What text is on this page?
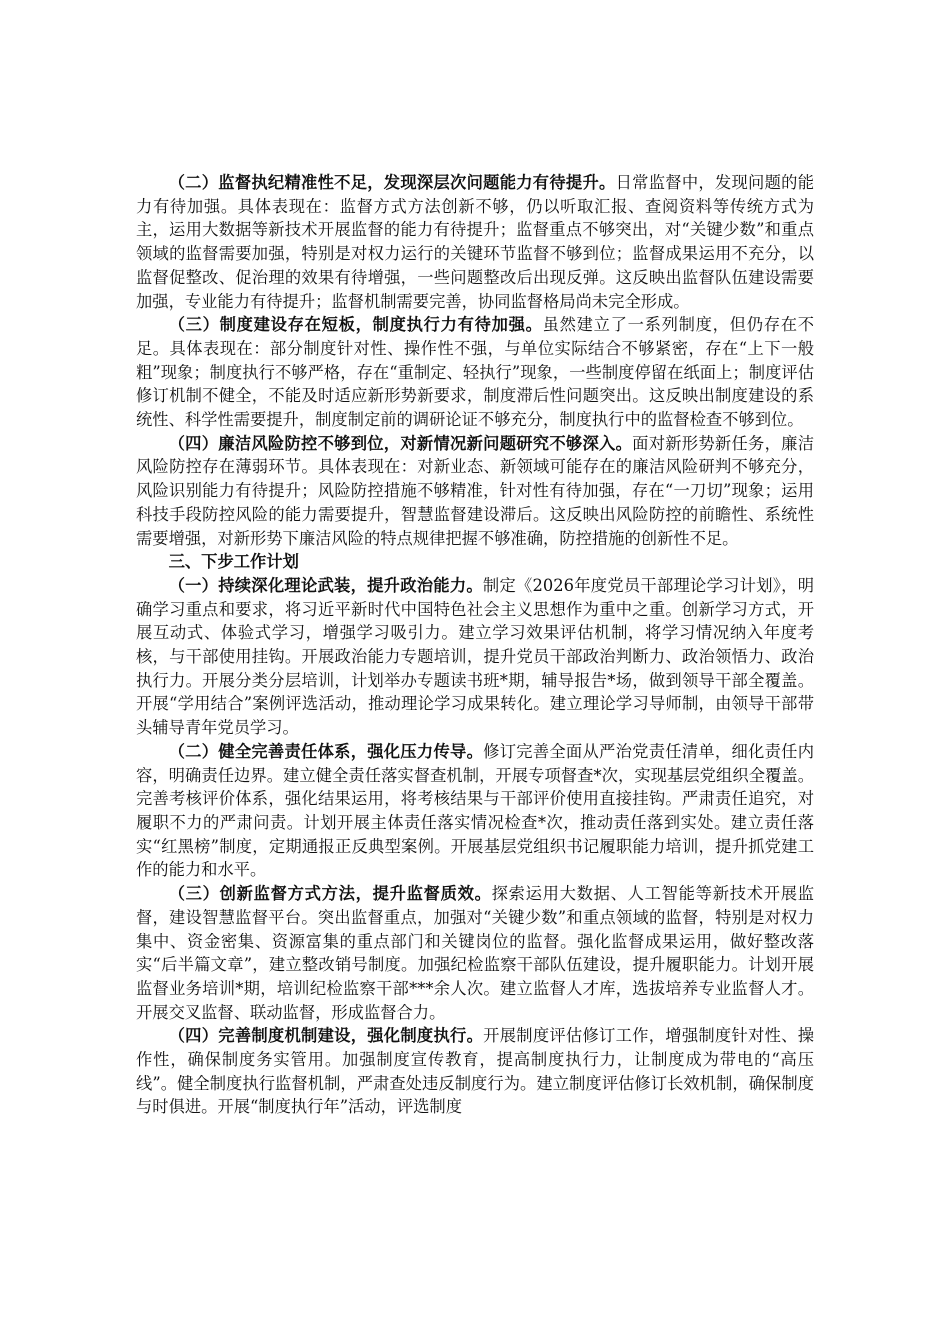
（二）监督执纪精准性不足，发现深层次问题能力有待提升。日常监督中，发现问题的能力有待加强。具体表现在：监督方式方法创新不够，仍以听取汇报、查阅资料等传统方式为主，运用大数据等新技术开展监督的能力有待提升；监督重点不够突出，对“关键少数”和重点领域的监督需要加强，特别是对权力运行的关键环节监督不够到位；监督成果运用不充分，以监督促整改、促治理的效果有待增强，一些问题整改后出现反弹。这反映出监督队伍建设需要加强，专业能力有待提升；监督机制需要完善，协同监督格局尚未完全形成。

（三）制度建设存在短板，制度执行力有待加强。虽然建立了一系列制度，但仍存在不足。具体表现在：部分制度针对性、操作性不强，与单位实际结合不够紧密，存在“上下一般粗”现象；制度执行不够严格，存在“重制定、轻执行”现象，一些制度停留在纸面上；制度评估修订机制不健全，不能及时适应新形势新要求，制度滞后性问题突出。这反映出制度建设的系统性、科学性需要提升，制度制定前的调研论证不够充分，制度执行中的监督检查不够到位。

（四）廉洁风险防控不够到位，对新情况新问题研究不够深入。面对新形势新任务，廉洁风险防控存在薄弱环节。具体表现在：对新业态、新领域可能存在的廉洁风险研判不够充分，风险识别能力有待提升；风险防控措施不够精准，针对性有待加强，存在“一刀切”现象；运用科技手段防控风险的能力需要提升，智慧监督建设滞后。这反映出风险防控的前瞻性、系统性需要增强，对新形势下廉洁风险的特点规律把握不够准确，防控措施的创新性不足。

三、下步工作计划

（一）持续深化理论武装，提升政治能力。制定《2026年度党员干部理论学习计划》，明确学习重点和要求，将习近平新时代中国特色社会主义思想作为重中之重。创新学习方式，开展互动式、体验式学习，增强学习吸引力。建立学习效果评估机制，将学习情况纳入年度考核，与干部使用挂钩。开展政治能力专题培训，提升党员干部政治判断力、政治领悟力、政治执行力。开展分类分层培训，计划举办专题读书班*期，辅导报告*场，做到领导干部全覆盖。开展“学用结合”案例评选活动，推动理论学习成果转化。建立理论学习导师制，由领导干部带头辅导青年党员学习。

（二）健全完善责任体系，强化压力传导。修订完善全面从严治党责任清单，细化责任内容，明确责任边界。建立健全责任落实督查机制，开展专项督查*次，实现基层党组织全覆盖。完善考核评价体系，强化结果运用，将考核结果与干部评价使用直接挂钩。严肃责任追究，对履职不力的严肃问责。计划开展主体责任落实情况检查*次，推动责任落到实处。建立责任落实“红黑榜”制度，定期通报正反典型案例。开展基层党组织书记履职能力培训，提升抓党建工作的能力和水平。

（三）创新监督方式方法，提升监督质效。探索运用大数据、人工智能等新技术开展监督，建设智慧监督平台。突出监督重点，加强对“关键少数”和重点领域的监督，特别是对权力集中、资金密集、资源富集的重点部门和关键岗位的监督。强化监督成果运用，做好整改落实“后半篇文章”，建立整改销号制度。加强纪检监察干部队伍建设，提升履职能力。计划开展监督业务培训*期，培训纪检监察干部***余人次。建立监督人才库，选拔培养专业监督人才。开展交叉监督、联动监督，形成监督合力。

（四）完善制度机制建设，强化制度执行。开展制度评估修订工作，增强制度针对性、操作性，确保制度务实管用。加强制度宣传教育，提高制度执行力，让制度成为带电的“高压线”。健全制度执行监督机制，严肃查处违反制度行为。建立制度评估修订长效机制，确保制度与时俱进。开展“制度执行年”活动，评选制度
